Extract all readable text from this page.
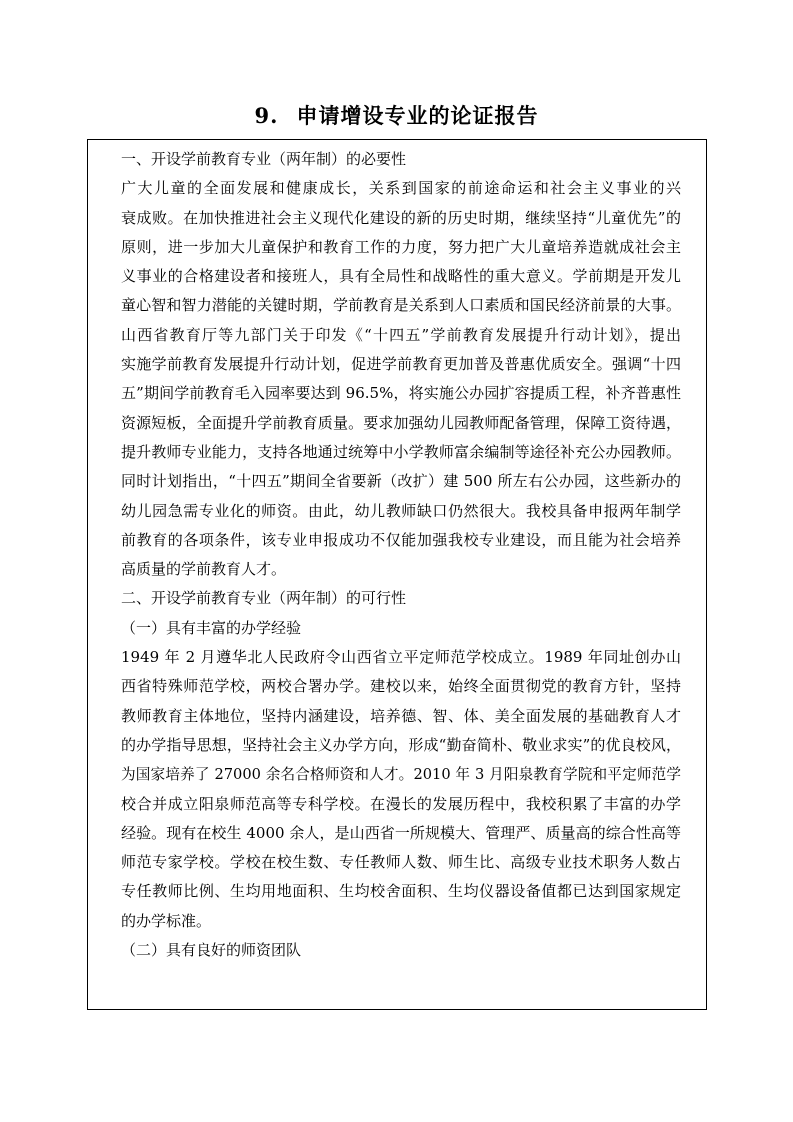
9. 申请增设专业的论证报告
一、开设学前教育专业（两年制）的必要性
广大儿童的全面发展和健康成长，关系到国家的前途命运和社会主义事业的兴
衰成败。在加快推进社会主义现代化建设的新的历史时期，继续坚持“儿童优先”的
原则，进一步加大儿童保护和教育工作的力度，努力把广大儿童培养造就成社会主
义事业的合格建设者和接班人，具有全局性和战略性的重大意义。学前期是开发儿
童心智和智力潜能的关键时期，学前教育是关系到人口素质和国民经济前景的大事。
山西省教育厅等九部门关于印发《“十四五”学前教育发展提升行动计划》，提出
实施学前教育发展提升行动计划，促进学前教育更加普及普惠优质安全。强调“十四
五”期间学前教育毛入园率要达到 96.5%，将实施公办园扩容提质工程，补齐普惠性
资源短板，全面提升学前教育质量。要求加强幼儿园教师配备管理，保障工资待遇，
提升教师专业能力，支持各地通过统筹中小学教师富余编制等途径补充公办园教师。
同时计划指出，“十四五”期间全省要新（改扩）建 500 所左右公办园，这些新办的
幼儿园急需专业化的师资。由此，幼儿教师缺口仍然很大。我校具备申报两年制学
前教育的各项条件，该专业申报成功不仅能加强我校专业建设，而且能为社会培养
高质量的学前教育人才。
二、开设学前教育专业（两年制）的可行性
（一）具有丰富的办学经验
1949 年 2 月遵华北人民政府令山西省立平定师范学校成立。1989 年同址创办山
西省特殊师范学校，两校合署办学。建校以来，始终全面贯彻党的教育方针，坚持
教师教育主体地位，坚持内涵建设，培养德、智、体、美全面发展的基础教育人才
的办学指导思想，坚持社会主义办学方向，形成“勤奋简朴、敬业求实”的优良校风，
为国家培养了 27000 余名合格师资和人才。2010 年 3 月阳泉教育学院和平定师范学
校合并成立阳泉师范高等专科学校。在漫长的发展历程中，我校积累了丰富的办学
经验。现有在校生 4000 余人，是山西省一所规模大、管理严、质量高的综合性高等
师范专家学校。学校在校生数、专任教师人数、师生比、高级专业技术职务人数占
专任教师比例、生均用地面积、生均校舍面积、生均仪器设备值都已达到国家规定
的办学标准。
（二）具有良好的师资团队
